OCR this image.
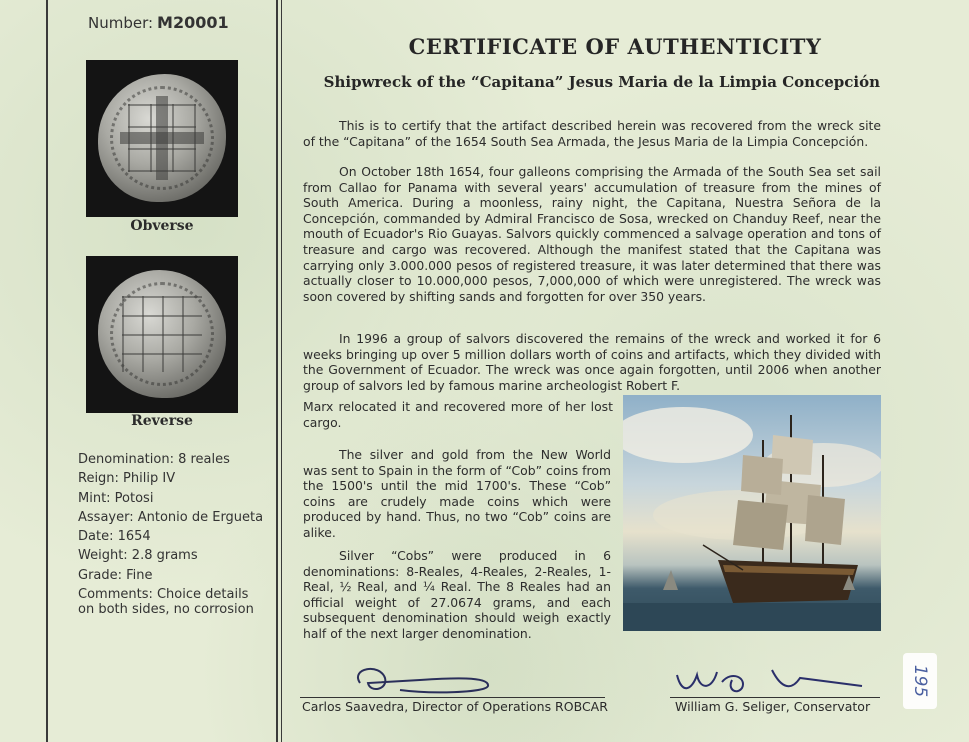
Number: M20001
Obverse
Reverse
Denomination: 8 reales
Reign: Philip IV
Mint: Potosi
Assayer: Antonio de Ergueta
Date: 1654
Weight: 2.8 grams
Grade: Fine
Comments: Choice details on both sides, no corrosion
CERTIFICATE OF AUTHENTICITY
Shipwreck of the “Capitana” Jesus Maria de la Limpia Concepción

This is to certify that the artifact described herein was recovered from the wreck site of the “Capitana” of the 1654 South Sea Armada, the Jesus Maria de la Limpia Concepción.

On October 18th 1654, four galleons comprising the Armada of the South Sea set sail from Callao for Panama with several years' accumulation of treasure from the mines of South America. During a moonless, rainy night, the Capitana, Nuestra Señora de la Concepción, commanded by Admiral Francisco de Sosa, wrecked on Chanduy Reef, near the mouth of Ecuador's Rio Guayas. Salvors quickly commenced a salvage operation and tons of treasure and cargo was recovered. Although the manifest stated that the Capitana was carrying only 3.000.000 pesos of registered treasure, it was later determined that there was actually closer to 10.000,000 pesos, 7,000,000 of which were unregistered. The wreck was soon covered by shifting sands and forgotten for over 350 years.

In 1996 a group of salvors discovered the remains of the wreck and worked it for 6 weeks bringing up over 5 million dollars worth of coins and artifacts, which they divided with the Government of Ecuador. The wreck was once again forgotten, until 2006 when another group of salvors led by famous marine archeologist Robert F.

Marx relocated it and recovered more of her lost cargo.

The silver and gold from the New World was sent to Spain in the form of “Cob” coins from the 1500's until the mid 1700's. These “Cob” coins are crudely made coins which were produced by hand. Thus, no two “Cob” coins are alike.

Silver “Cobs” were produced in 6 denominations: 8-Reales, 4-Reales, 2-Reales, 1-Real, ½ Real, and ¼ Real. The 8 Reales had an official weight of 27.0674 grams, and each subsequent denomination should weigh exactly half of the next larger denomination.

Carlos Saavedra, Director of Operations ROBCAR	William G. Seliger, Conservator
195
